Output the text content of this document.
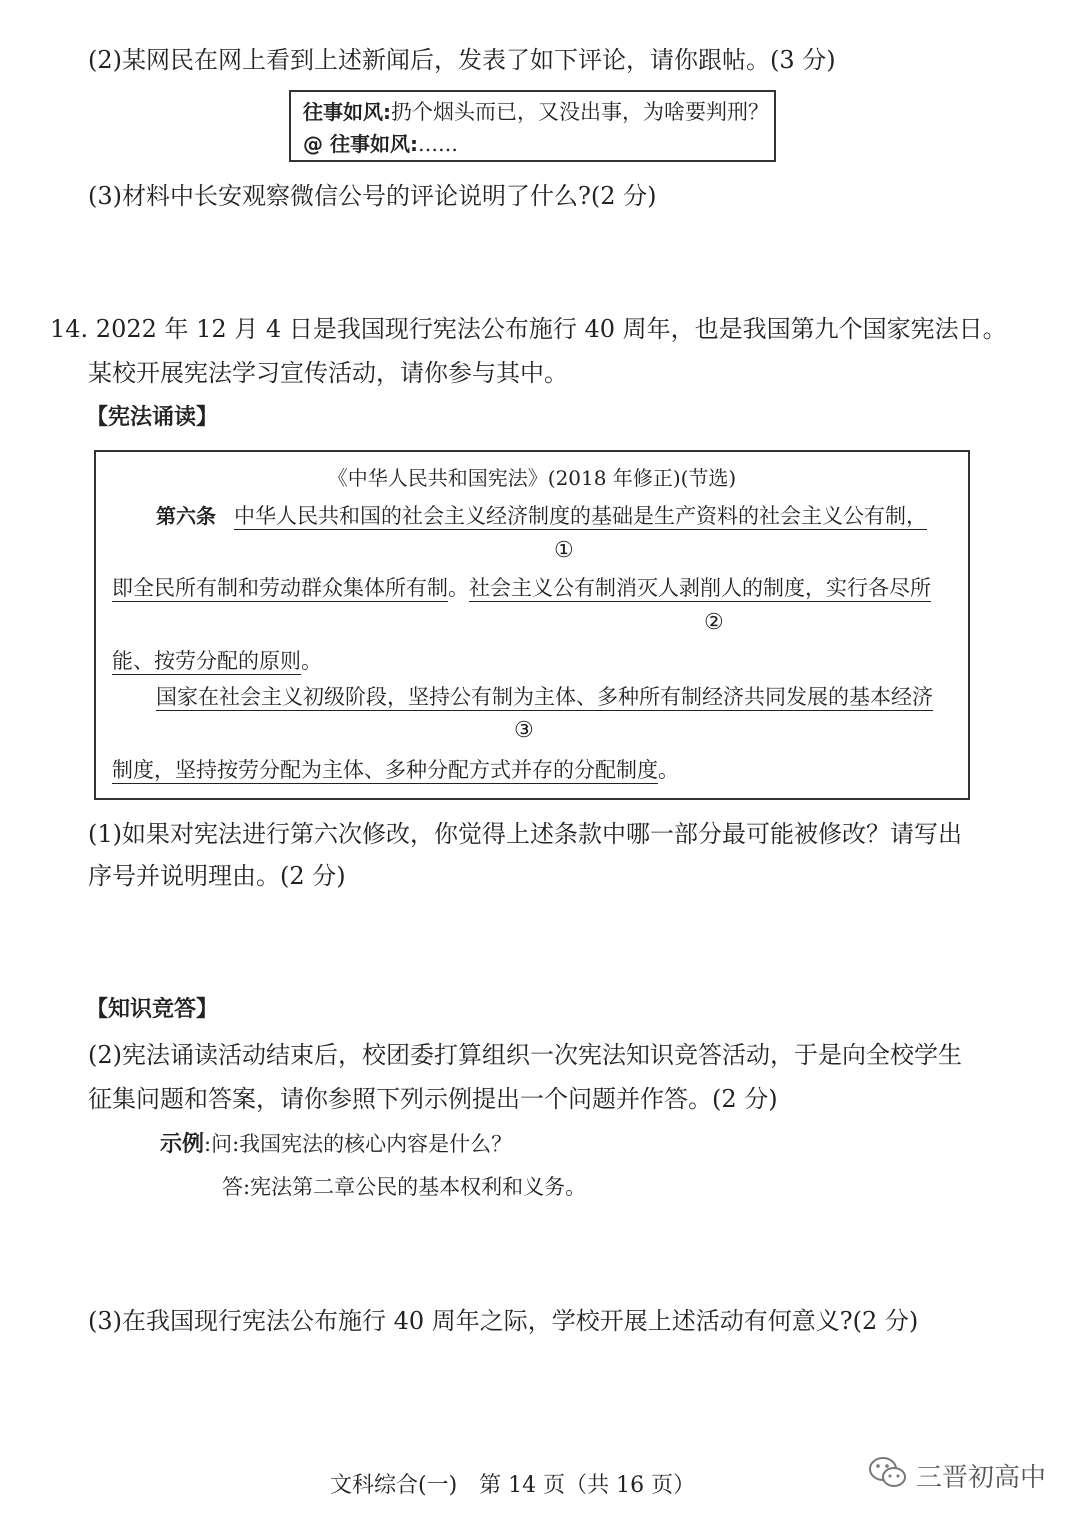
(2)某网民在网上看到上述新闻后，发表了如下评论，请你跟帖。(3 分)
往事如风:扔个烟头而已，又没出事，为啥要判刑？
@ 往事如风:……
(3)材料中长安观察微信公号的评论说明了什么?(2 分)
14. 2022 年 12 月 4 日是我国现行宪法公布施行 40 周年，也是我国第九个国家宪法日。
某校开展宪法学习宣传活动，请你参与其中。
【宪法诵读】
《中华人民共和国宪法》(2018 年修正)(节选)
第六条 中华人民共和国的社会主义经济制度的基础是生产资料的社会主义公有制，
①
即全民所有制和劳动群众集体所有制。社会主义公有制消灭人剥削人的制度，实行各尽所
②
能、按劳分配的原则。
国家在社会主义初级阶段，坚持公有制为主体、多种所有制经济共同发展的基本经济
③
制度，坚持按劳分配为主体、多种分配方式并存的分配制度。
(1)如果对宪法进行第六次修改，你觉得上述条款中哪一部分最可能被修改？请写出
序号并说明理由。(2 分)
【知识竞答】
(2)宪法诵读活动结束后，校团委打算组织一次宪法知识竞答活动，于是向全校学生
征集问题和答案，请你参照下列示例提出一个问题并作答。(2 分)
示例:问:我国宪法的核心内容是什么？
答:宪法第二章公民的基本权利和义务。
(3)在我国现行宪法公布施行 40 周年之际，学校开展上述活动有何意义?(2 分)
文科综合(一)　第 14 页（共 16 页）	三晋初高中
